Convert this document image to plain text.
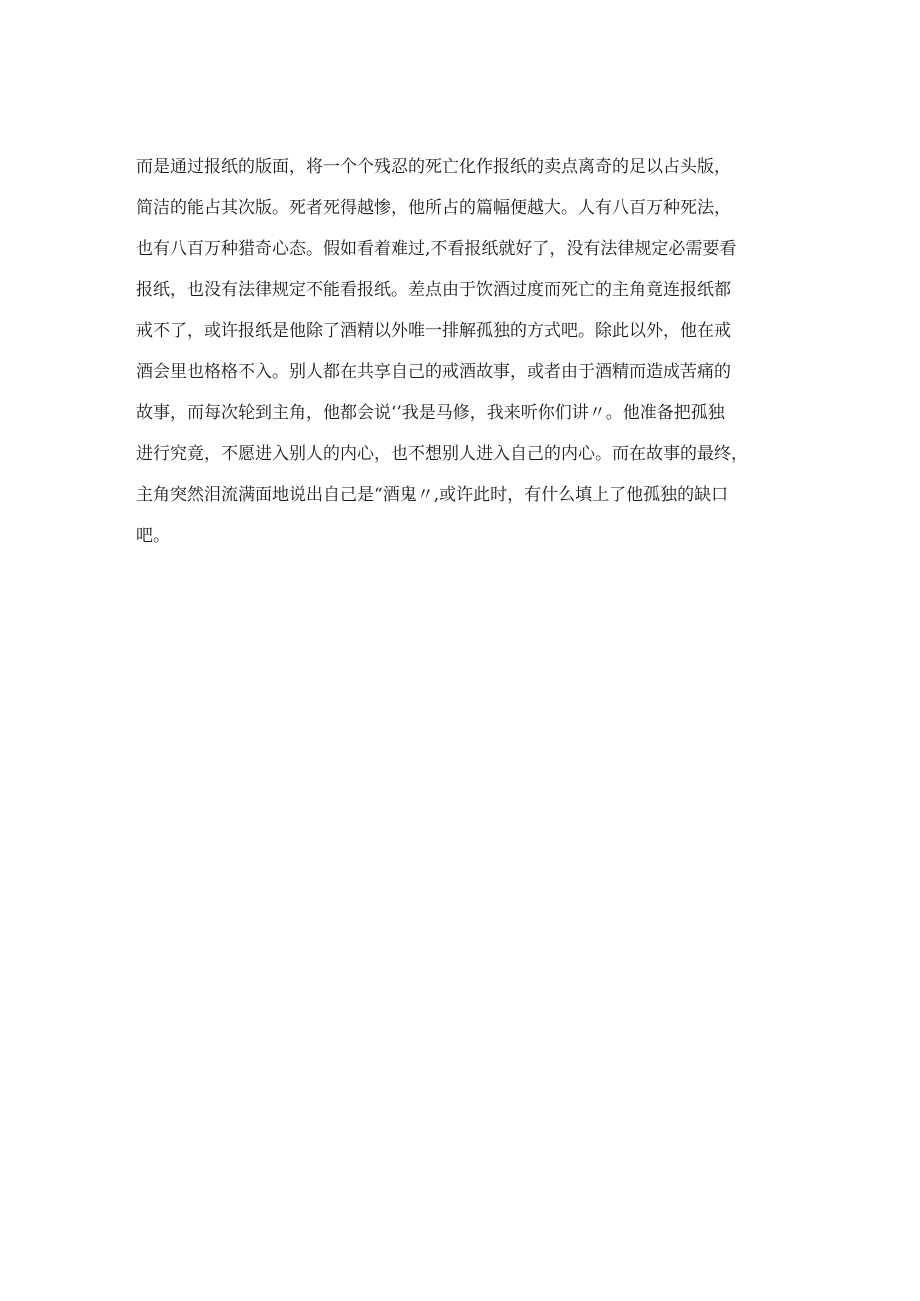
而是通过报纸的版面，将一个个残忍的死亡化作报纸的卖点离奇的足以占头版，
简洁的能占其次版。死者死得越惨，他所占的篇幅便越大。人有八百万种死法，
也有八百万种猎奇心态。假如看着难过,不看报纸就好了，没有法律规定必需要看
报纸，也没有法律规定不能看报纸。差点由于饮酒过度而死亡的主角竟连报纸都
戒不了，或许报纸是他除了酒精以外唯一排解孤独的方式吧。除此以外，他在戒
酒会里也格格不入。别人都在共享自己的戒酒故事，或者由于酒精而造成苦痛的
故事，而每次轮到主角，他都会说‘’我是马修，我来听你们讲〃。他准备把孤独
进行究竟，不愿进入别人的内心，也不想别人进入自己的内心。而在故事的最终，
主角突然泪流满面地说出自己是“酒鬼〃,或许此时，有什么填上了他孤独的缺口
吧。
